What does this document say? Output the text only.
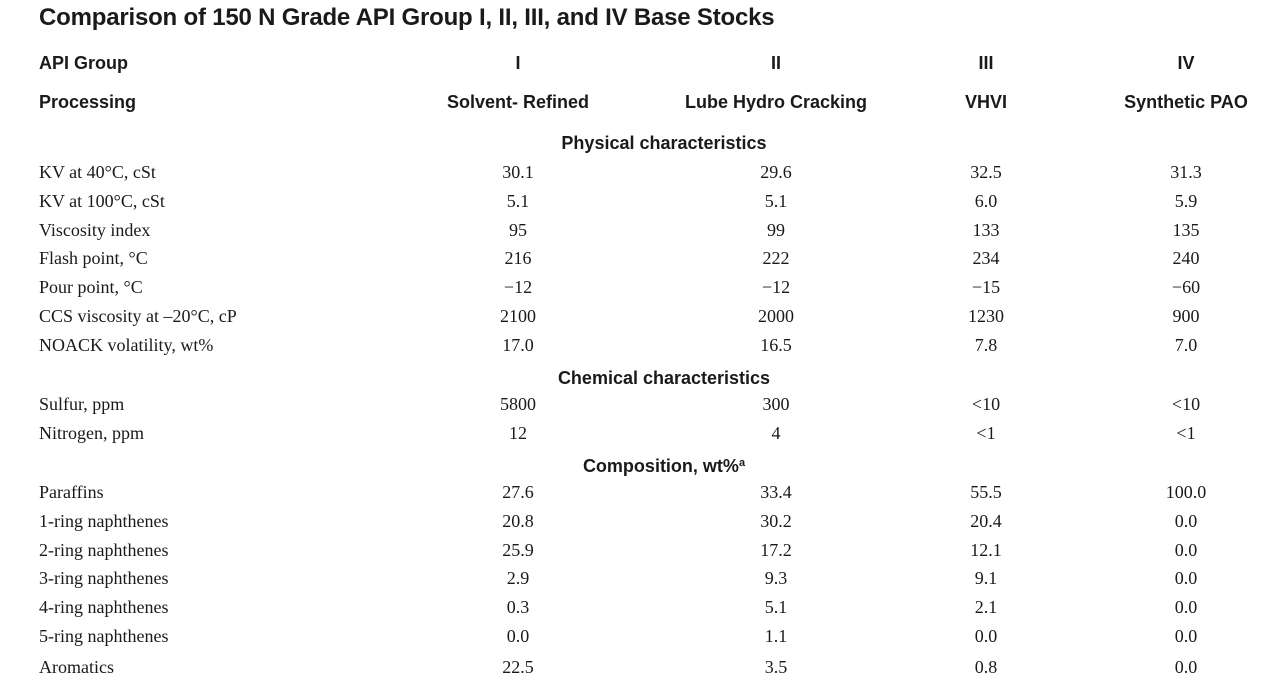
Comparison of 150 N Grade API Group I, II, III, and IV Base Stocks
API Group	I	II	III	IV
Processing	Solvent- Refined	Lube Hydro Cracking	VHVI	Synthetic PAO
Physical characteristics
KV at 40°C, cSt	30.1	29.6	32.5	31.3
KV at 100°C, cSt	5.1	5.1	6.0	5.9
Viscosity index	95	99	133	135
Flash point, °C	216	222	234	240
Pour point, °C	−12	−12	−15	−60
CCS viscosity at –20°C, cP	2100	2000	1230	900
NOACK volatility, wt%	17.0	16.5	7.8	7.0
Chemical characteristics
Sulfur, ppm	5800	300	<10	<10
Nitrogen, ppm	12	4	<1	<1
Composition, wt%$^a$
Paraffins	27.6	33.4	55.5	100.0
1-ring naphthenes	20.8	30.2	20.4	0.0
2-ring naphthenes	25.9	17.2	12.1	0.0
3-ring naphthenes	2.9	9.3	9.1	0.0
4-ring naphthenes	0.3	5.1	2.1	0.0
5-ring naphthenes	0.0	1.1	0.0	0.0
Aromatics	22.5	3.5	0.8	0.0
